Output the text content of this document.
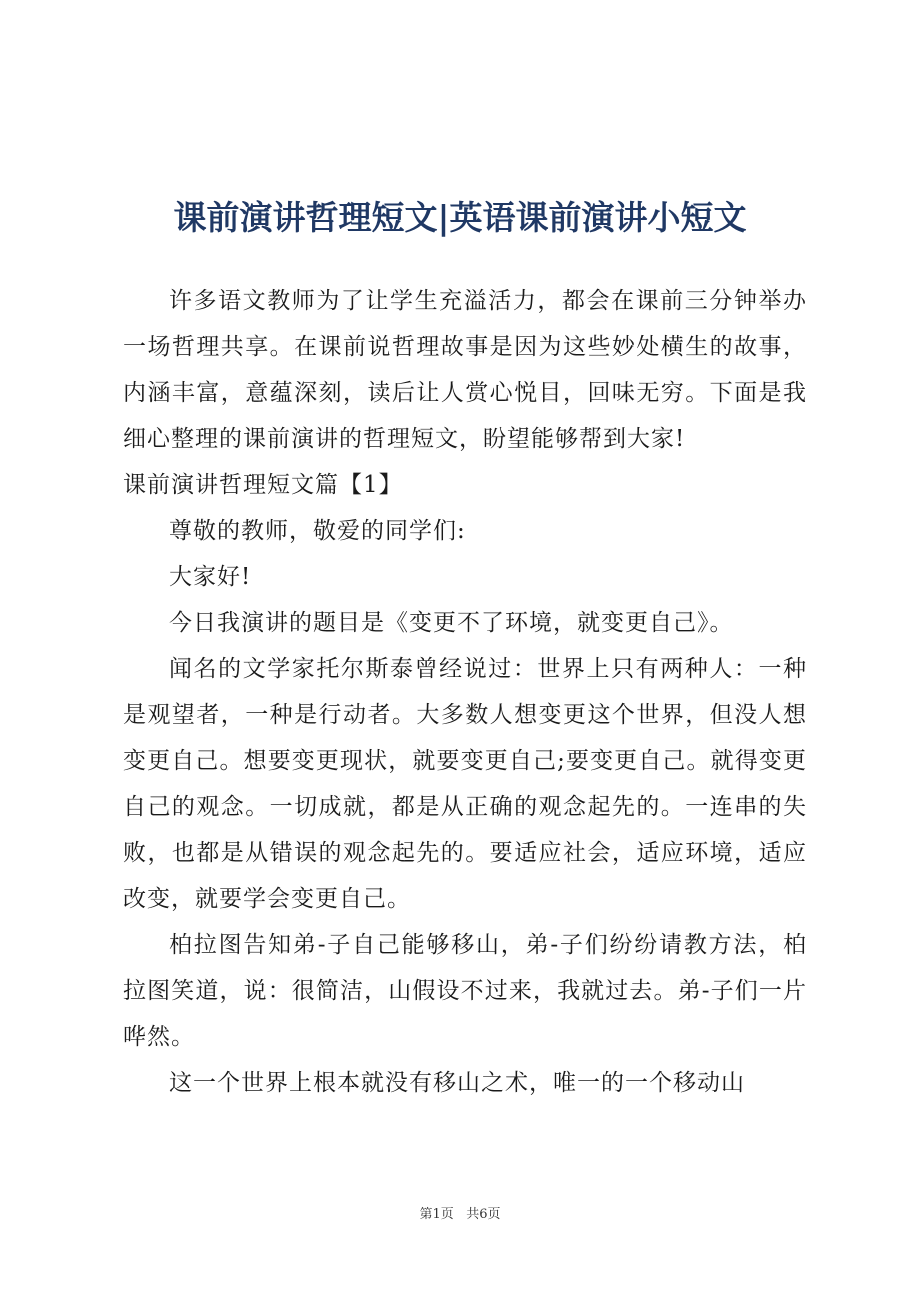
课前演讲哲理短文|英语课前演讲小短文

许多语文教师为了让学生充溢活力，都会在课前三分钟举办一场哲理共享。在课前说哲理故事是因为这些妙处横生的故事，内涵丰富，意蕴深刻，读后让人赏心悦目，回味无穷。下面是我细心整理的课前演讲的哲理短文，盼望能够帮到大家!

课前演讲哲理短文篇【1】

尊敬的教师，敬爱的同学们:

大家好!

今日我演讲的题目是《变更不了环境，就变更自己》。

闻名的文学家托尔斯泰曾经说过：世界上只有两种人：一种是观望者，一种是行动者。大多数人想变更这个世界，但没人想变更自己。想要变更现状，就要变更自己;要变更自己。就得变更自己的观念。一切成就，都是从正确的观念起先的。一连串的失败，也都是从错误的观念起先的。要适应社会，适应环境，适应改变，就要学会变更自己。

柏拉图告知弟-子自己能够移山，弟-子们纷纷请教方法，柏拉图笑道，说：很简洁，山假设不过来，我就过去。弟-子们一片哗然。

这一个世界上根本就没有移山之术，唯一的一个移动山

第1页 共6页
